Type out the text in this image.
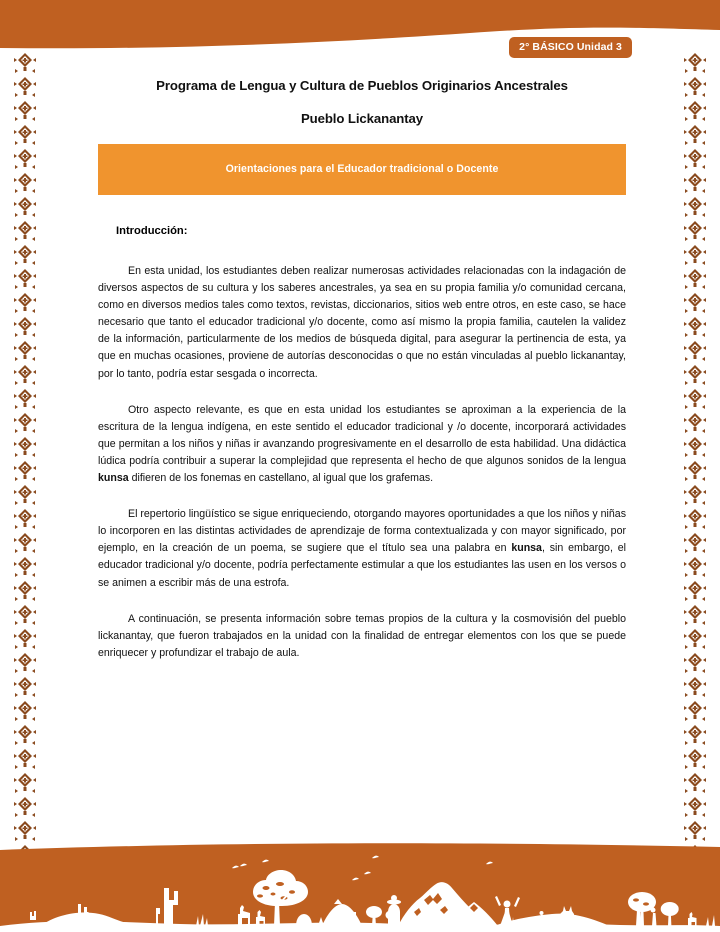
2° BÁSICO Unidad 3
Programa de Lengua y Cultura de Pueblos Originarios Ancestrales
Pueblo Lickanantay
Orientaciones para el Educador tradicional o Docente
Introducción:

En esta unidad, los estudiantes deben realizar numerosas actividades relacionadas con la indagación de diversos aspectos de su cultura y los saberes ancestrales, ya sea en su propia familia y/o comunidad cercana, como en diversos medios tales como textos, revistas, diccionarios, sitios web entre otros, en este caso, se hace necesario que tanto el educador tradicional y/o docente, como así mismo la propia familia, cautelen la validez de la información, particularmente de los medios de búsqueda digital, para asegurar la pertinencia de esta, ya que en muchas ocasiones, proviene de autorías desconocidas o que no están vinculadas al pueblo lickanantay, por lo tanto, podría estar sesgada o incorrecta.

Otro aspecto relevante, es que en esta unidad los estudiantes se aproximan a la experiencia de la escritura de la lengua indígena, en este sentido el educador tradicional y /o docente, incorporará actividades que permitan a los niños y niñas ir avanzando progresivamente en el desarrollo de esta habilidad. Una didáctica lúdica podría contribuir a superar la complejidad que representa el hecho de que algunos sonidos de la lengua kunsa difieren de los fonemas en castellano, al igual que los grafemas.

El repertorio lingüístico se sigue enriqueciendo, otorgando mayores oportunidades a que los niños y niñas lo incorporen en las distintas actividades de aprendizaje de forma contextualizada y con mayor significado, por ejemplo, en la creación de un poema, se sugiere que el título sea una palabra en kunsa, sin embargo, el educador tradicional y/o docente, podría perfectamente estimular a que los estudiantes las usen en los versos o se animen a escribir más de una estrofa.

A continuación, se presenta información sobre temas propios de la cultura y la cosmovisión del pueblo lickanantay, que fueron trabajados en la unidad con la finalidad de entregar elementos con los que se puede enriquecer y profundizar el trabajo de aula.
